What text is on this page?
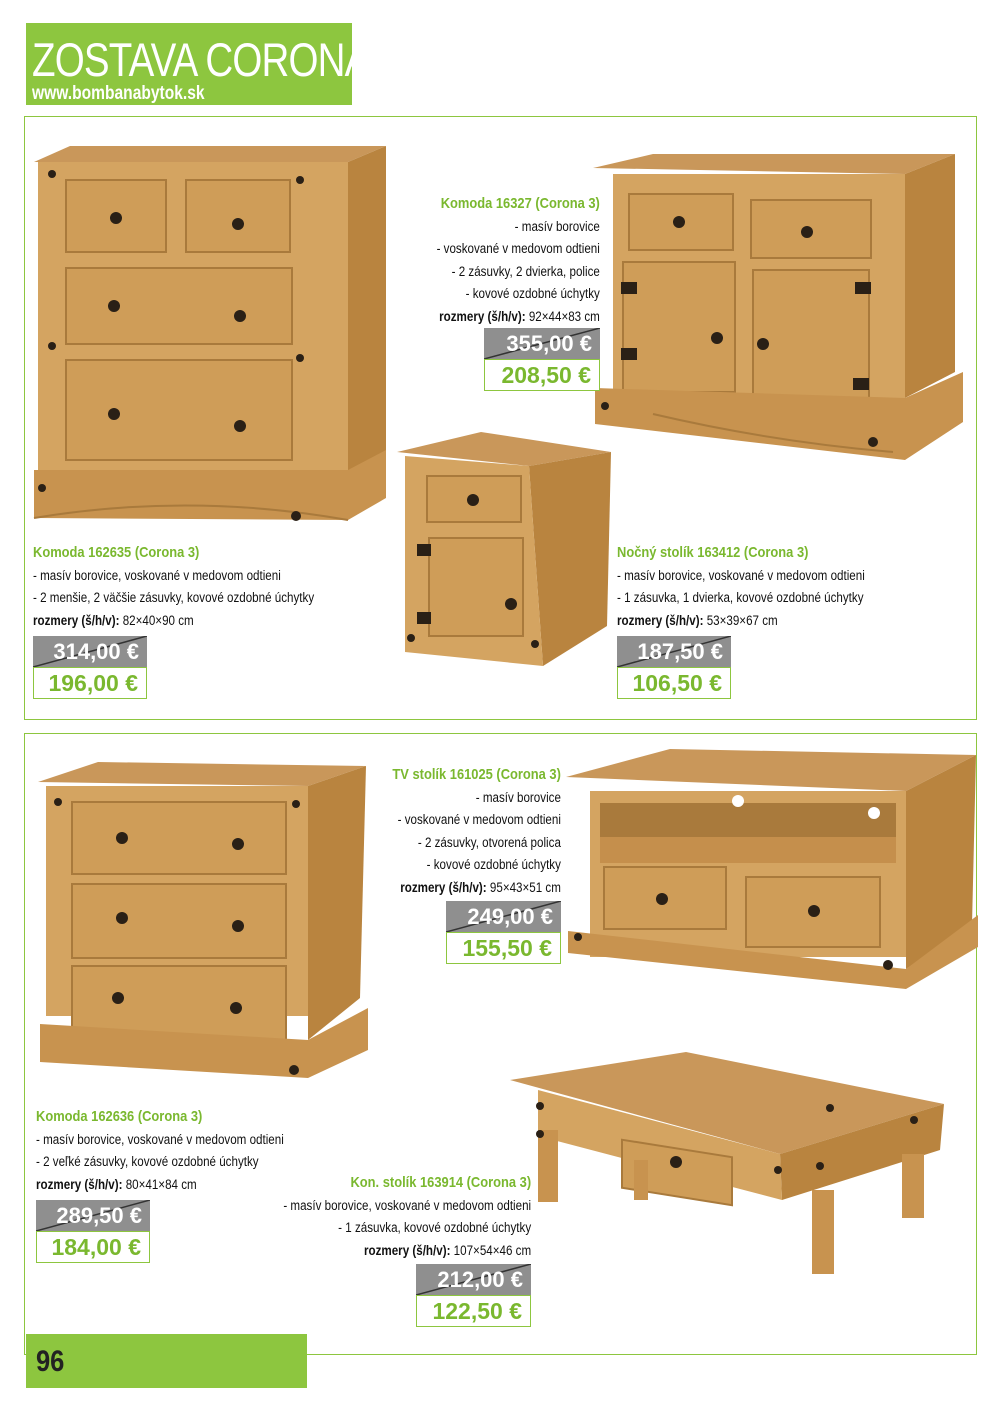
ZOSTAVA CORONA
www.bombanabytok.sk
Komoda 16327 (Corona 3)
- masív borovice
- voskované v medovom odtieni
- 2 zásuvky, 2 dvierka, police
- kovové ozdobné úchytky
rozmery (š/h/v): 92×44×83 cm
355,00 €
208,50 €
Komoda 162635 (Corona 3)
- masív borovice, voskované v medovom odtieni
- 2 menšie, 2 väčšie zásuvky, kovové ozdobné úchytky
rozmery (š/h/v): 82×40×90 cm
314,00 €
196,00 €
Nočný stolík 163412 (Corona 3)
- masív borovice, voskované v medovom odtieni
- 1 zásuvka, 1 dvierka, kovové ozdobné úchytky
rozmery (š/h/v): 53×39×67 cm
187,50 €
106,50 €
TV stolík 161025 (Corona 3)
- masív borovice
- voskované v medovom odtieni
- 2 zásuvky, otvorená polica
- kovové ozdobné úchytky
rozmery (š/h/v): 95×43×51 cm
249,00 €
155,50 €
Komoda 162636 (Corona 3)
- masív borovice, voskované v medovom odtieni
- 2 veľké zásuvky, kovové ozdobné úchytky
rozmery (š/h/v): 80×41×84 cm
289,50 €
184,00 €
Kon. stolík 163914 (Corona 3)
- masív borovice, voskované v medovom odtieni
- 1 zásuvka, kovové ozdobné úchytky
rozmery (š/h/v): 107×54×46 cm
212,00 €
122,50 €
96
